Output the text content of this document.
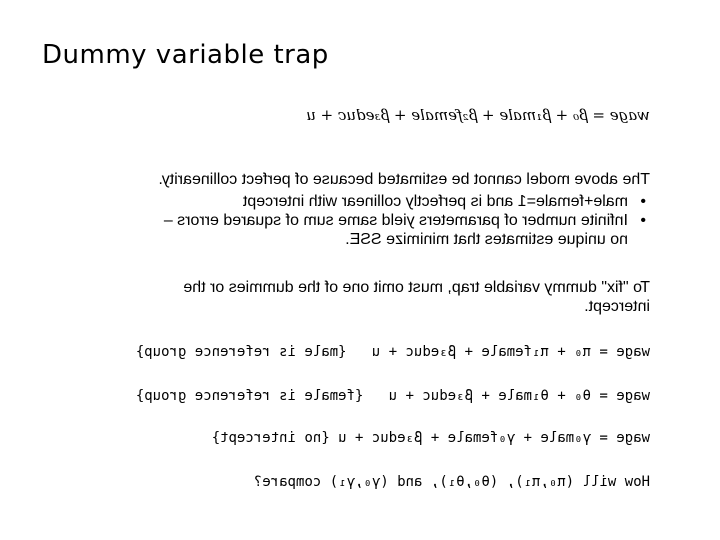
Dummy variable trap
wage = β₀ + β₁male + β₂female + β₃educ + u
The above model cannot be estimated because of perfect collinearity.
• male+female=1 and is perfectly collinear with intercept
• Infinite number of parameters yield same sum of squared errors –
no unique estimates that minimize SSE.
To "fix" dummy variable trap, must omit one of the dummies or the
intercept.
wage = π₀ + π₁female + β₃educ + u   {male is reference group}
wage = θ₀ + θ₁male + β₃educ + u   {female is reference group}
wage = γ₀male + γ₀female + β₃educ + u {no intercept}
How will (π₀,π₁), (θ₀,θ₁), and (γ₀,γ₁) compare?
